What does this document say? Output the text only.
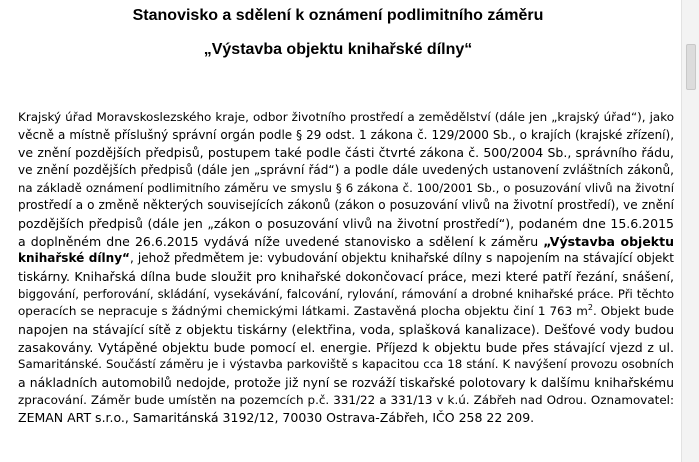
Stanovisko a sdělení k oznámení podlimitního záměru
„Výstavba objektu knihařské dílny“
Krajský úřad Moravskoslezského kraje, odbor životního prostředí a zemědělství (dále jen „krajský úřad“), jako
věcně a místně příslušný správní orgán podle § 29 odst. 1 zákona č. 129/2000 Sb., o krajích (krajské zřízení),
ve znění pozdějších předpisů, postupem také podle části čtvrté zákona č. 500/2004 Sb., správního řádu,
ve znění pozdějších předpisů (dále jen „správní řád“) a podle dále uvedených ustanovení zvláštních zákonů,
na základě oznámení podlimitního záměru ve smyslu § 6 zákona č. 100/2001 Sb., o posuzování vlivů na životní
prostředí a o změně některých souvisejících zákonů (zákon o posuzování vlivů na životní prostředí), ve znění
pozdějších předpisů (dále jen „zákon o posuzování vlivů na životní prostředí“), podaném dne 15.6.2015
a doplněném dne 26.6.2015 vydává níže uvedené stanovisko a sdělení k záměru „Výstavba objektu
knihařské dílny“, jehož předmětem je: vybudování objektu knihařské dílny s napojením na stávající objekt
tiskárny. Knihařská dílna bude sloužit pro knihařské dokončovací práce, mezi které patří řezání, snášení,
biggování, perforování, skládání, vysekávání, falcování, rylování, rámování a drobné knihařské práce. Při těchto
operacích se nepracuje s žádnými chemickými látkami. Zastavěná plocha objektu činí 1 763 $m^2$. Objekt bude
napojen na stávající sítě z objektu tiskárny (elektřina, voda, splašková kanalizace). Dešťové vody budou
zasakovány. Vytápěné objektu bude pomocí el. energie. Příjezd k objektu bude přes stávající vjezd z ul.
Samaritánské. Součástí záměru je i výstavba parkoviště s kapacitou cca 18 stání. K navýšení provozu osobních
a nákladních automobilů nedojde, protože již nyní se rozváží tiskařské polotovary k dalšímu knihařskému
zpracování. Záměr bude umístěn na pozemcích p.č. 331/22 a 331/13 v k.ú. Zábřeh nad Odrou. Oznamovatel:
ZEMAN ART s.r.o., Samaritánská 3192/12, 70030 Ostrava-Zábřeh, IČO 258 22 209.
